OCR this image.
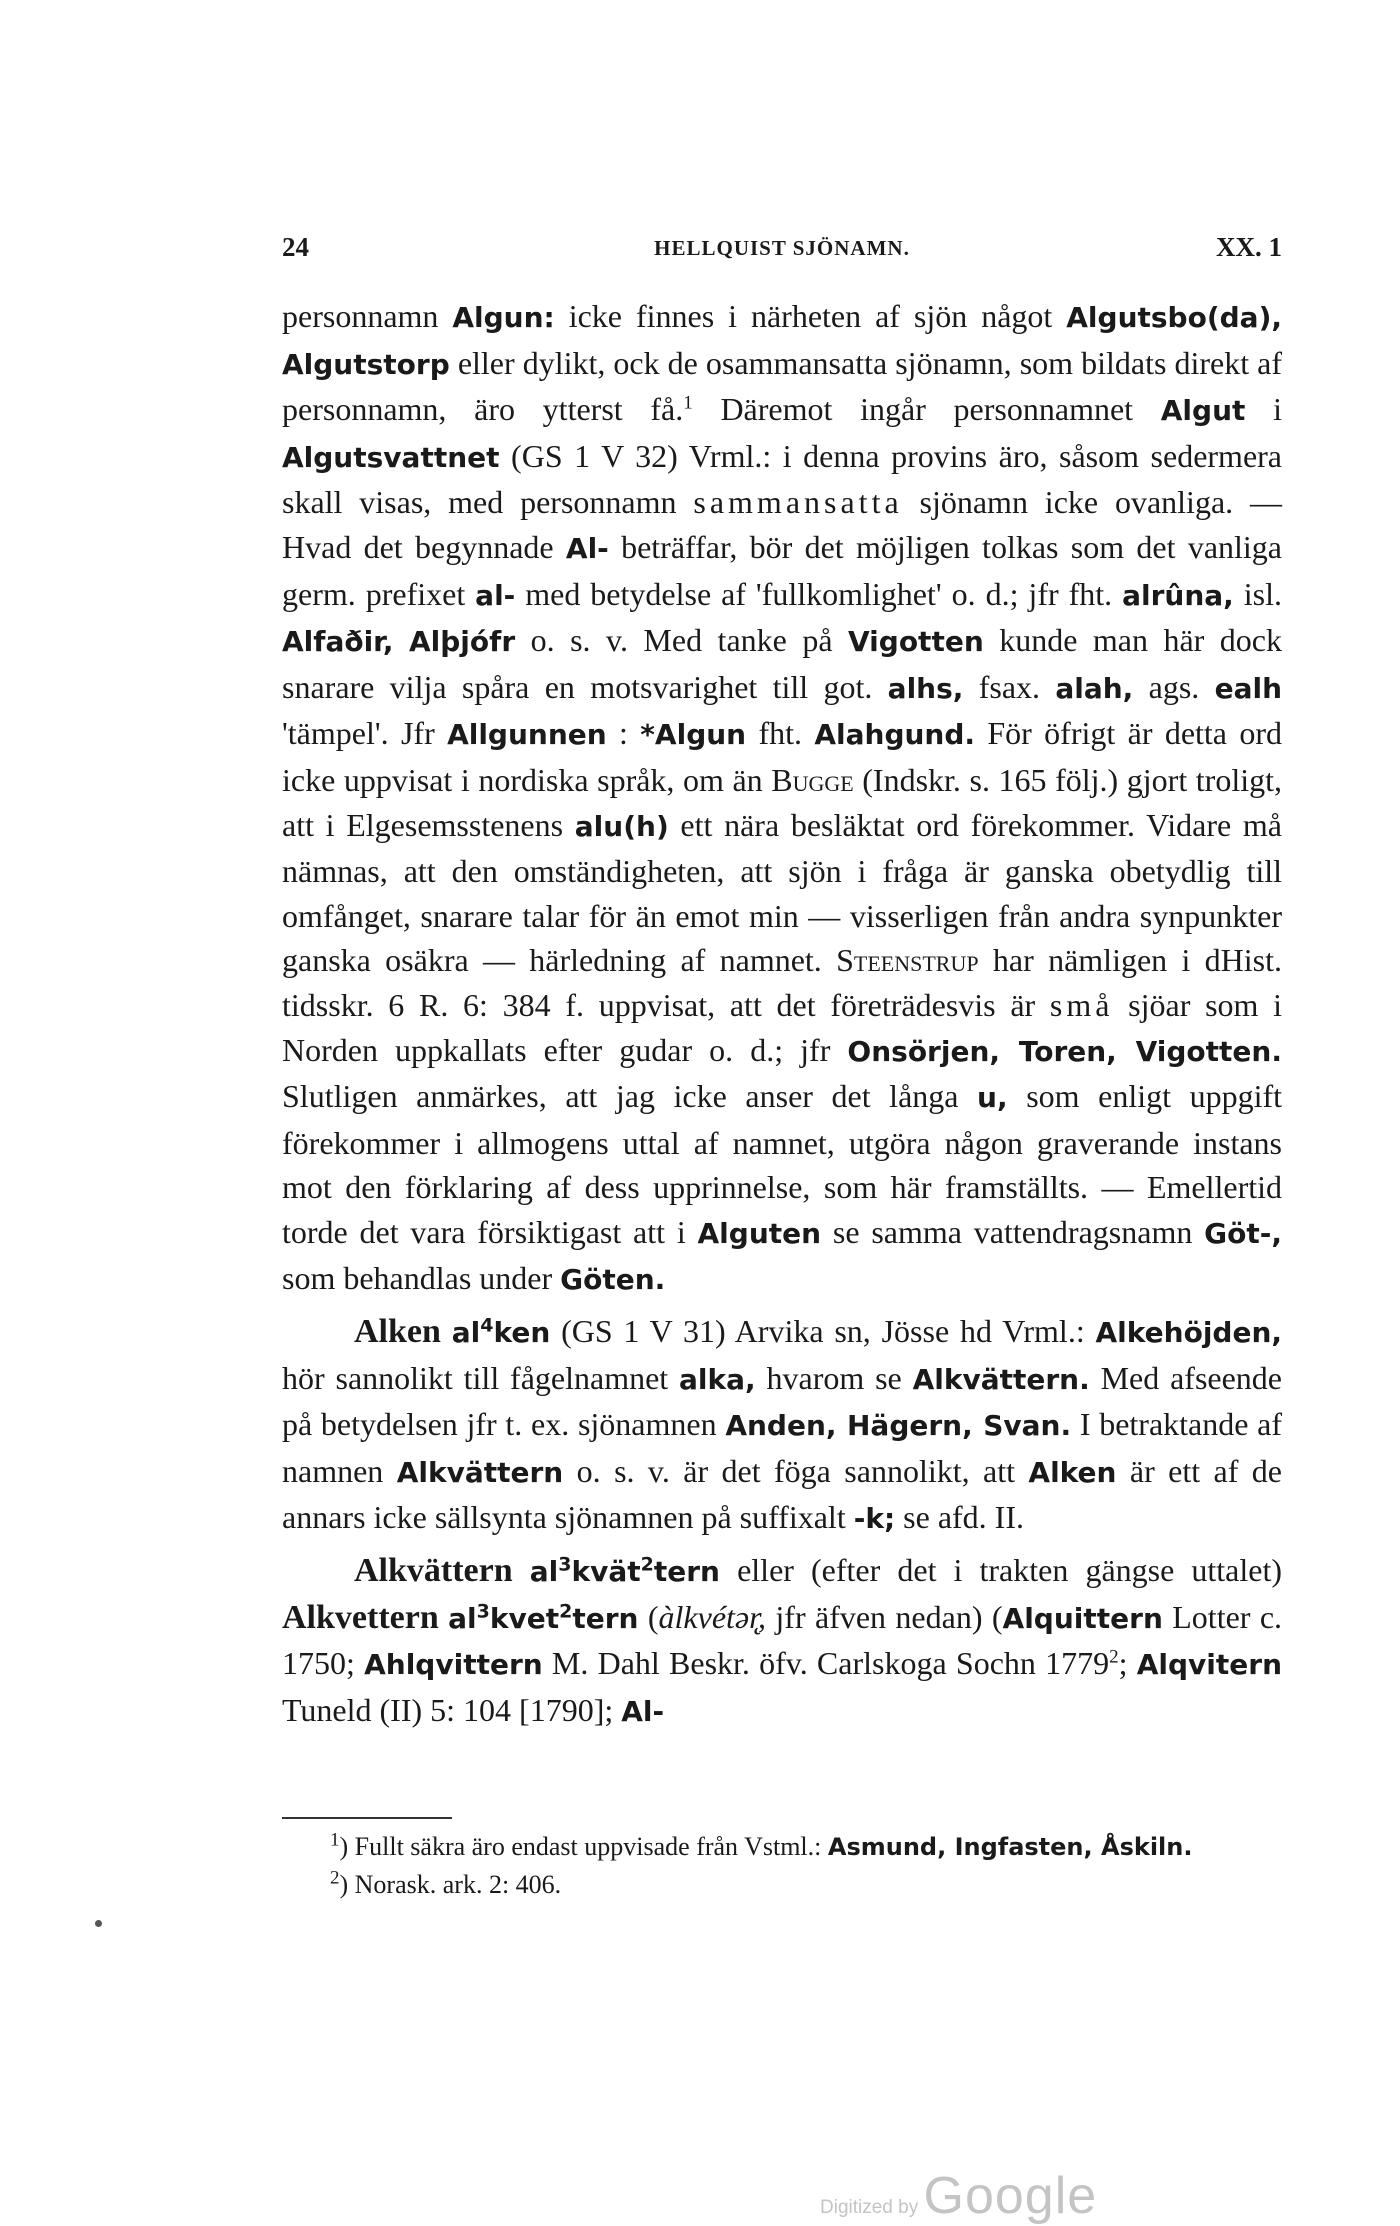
24	HELLQUIST SJÖNAMN.	XX. 1

personnamn Algun: icke finnes i närheten af sjön något Algutsbo(da), Algutstorp eller dylikt, ock de osammansatta sjönamn, som bildats direkt af personnamn, äro ytterst få.$^1$ Däremot ingår personnamnet Algut i Algutsvattnet (GS 1 V 32) Vrml.: i denna provins äro, såsom sedermera skall visas, med personnamn sammansatta sjönamn icke ovanliga. — Hvad det begynnade Al- beträffar, bör det möjligen tolkas som det vanliga germ. prefixet al- med betydelse af 'fullkomlighet' o. d.; jfr fht. alrûna, isl. Alfaðir, Alþjófr o. s. v. Med tanke på Vigotten kunde man här dock snarare vilja spåra en motsvarighet till got. alhs, fsax. alah, ags. ealh 'tämpel'. Jfr Allgunnen : *Algun fht. Alahgund. För öfrigt är detta ord icke uppvisat i nordiska språk, om än Bugge (Indskr. s. 165 följ.) gjort troligt, att i Elgesemsstenens alu(h) ett nära besläktat ord förekommer. Vidare må nämnas, att den omständigheten, att sjön i fråga är ganska obetydlig till omfånget, snarare talar för än emot min — visserligen från andra synpunkter ganska osäkra — härledning af namnet. Steenstrup har nämligen i dHist. tidsskr. 6 R. 6: 384 f. uppvisat, att det företrädesvis är små sjöar som i Norden uppkallats efter gudar o. d.; jfr Onsörjen, Toren, Vigotten. Slutligen anmärkes, att jag icke anser det långa u, som enligt uppgift förekommer i allmogens uttal af namnet, utgöra någon graverande instans mot den förklaring af dess upprinnelse, som här framställts. — Emellertid torde det vara försiktigast att i Alguten se samma vattendragsnamn Göt-, som behandlas under Göten.

Alken $al^4ken$ (GS 1 V 31) Arvika sn, Jösse hd Vrml.: Alkehöjden, hör sannolikt till fågelnamnet alka, hvarom se Alkvättern. Med afseende på betydelsen jfr t. ex. sjönamnen Anden, Hägern, Svan. I betraktande af namnen Alkvättern o. s. v. är det föga sannolikt, att Alken är ett af de annars icke sällsynta sjönamnen på suffixalt -k; se afd. II.

Alkvättern $al^3kvät^2tern$ eller (efter det i trakten gängse uttalet) Alkvettern $al^3kvet^2tern$ (àlkvétər̨, jfr äfven nedan) (Alquittern Lotter c. 1750; Ahlqvittern M. Dahl Beskr. öfv. Carlskoga Sochn 1779$^2$; Alqvitern Tuneld (II) 5: 104 [1790]; Al-

$^1$) Fullt säkra äro endast uppvisade från Vstml.: Asmund, Ingfasten, Åskiln.

$^2$) Norask. ark. 2: 406.

Digitized by Google
